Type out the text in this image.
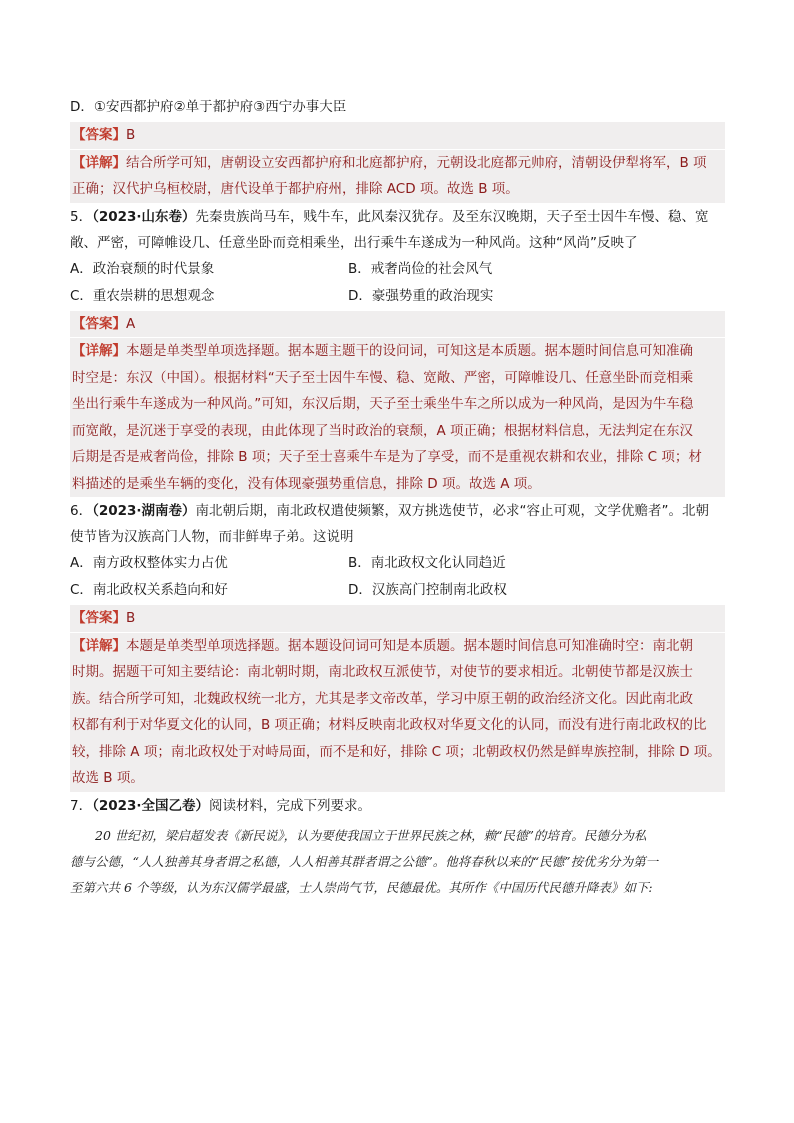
D．①安西都护府②单于都护府③西宁办事大臣

【答案】B

【详解】结合所学可知，唐朝设立安西都护府和北庭都护府，元朝设北庭都元帅府，清朝设伊犁将军，B 项

正确；汉代护乌桓校尉，唐代设单于都护府州，排除 ACD 项。故选 B 项。

5．（2023·山东卷）先秦贵族尚马车，贱牛车，此风秦汉犹存。及至东汉晚期，天子至士因牛车慢、稳、宽

敞、严密，可障帷设几、任意坐卧而竞相乘坐，出行乘牛车遂成为一种风尚。这种“风尚”反映了

A．政治衰颓的时代景象	B．戒奢尚俭的社会风气
C．重农崇耕的思想观念	D．豪强势重的政治现实

【答案】A

【详解】本题是单类型单项选择题。据本题主题干的设问词，可知这是本质题。据本题时间信息可知准确

时空是：东汉（中国）。根据材料“天子至士因牛车慢、稳、宽敞、严密，可障帷设几、任意坐卧而竞相乘

坐出行乘牛车遂成为一种风尚。”可知，东汉后期，天子至士乘坐牛车之所以成为一种风尚，是因为牛车稳

而宽敞，是沉迷于享受的表现，由此体现了当时政治的衰颓，A 项正确；根据材料信息，无法判定在东汉

后期是否是戒奢尚俭，排除 B 项；天子至士喜乘牛车是为了享受，而不是重视农耕和农业，排除 C 项；材

料描述的是乘坐车辆的变化，没有体现豪强势重信息，排除 D 项。故选 A 项。

6．（2023·湖南卷）南北朝后期，南北政权遣使频繁，双方挑选使节，必求“容止可观，文学优赡者”。北朝

使节皆为汉族高门人物，而非鲜卑子弟。这说明

A．南方政权整体实力占优	B．南北政权文化认同趋近
C．南北政权关系趋向和好	D．汉族高门控制南北政权

【答案】B

【详解】本题是单类型单项选择题。据本题设问词可知是本质题。据本题时间信息可知准确时空：南北朝

时期。据题干可知主要结论：南北朝时期，南北政权互派使节，对使节的要求相近。北朝使节都是汉族士

族。结合所学可知，北魏政权统一北方，尤其是孝文帝改革，学习中原王朝的政治经济文化。因此南北政

权都有利于对华夏文化的认同，B 项正确；材料反映南北政权对华夏文化的认同，而没有进行南北政权的比

较，排除 A 项；南北政权处于对峙局面，而不是和好，排除 C 项；北朝政权仍然是鲜卑族控制，排除 D 项。

故选 B 项。

7．（2023·全国乙卷）阅读材料，完成下列要求。

20 世纪初，梁启超发表《新民说》，认为要使我国立于世界民族之林，赖“民德”的培育。民德分为私
德与公德，“人人独善其身者谓之私德，人人相善其群者谓之公德”。他将春秋以来的“民德”按优劣分为第一
至第六共 6 个等级，认为东汉儒学最盛，士人崇尚气节，民德最优。其所作《中国历代民德升降表》如下:
